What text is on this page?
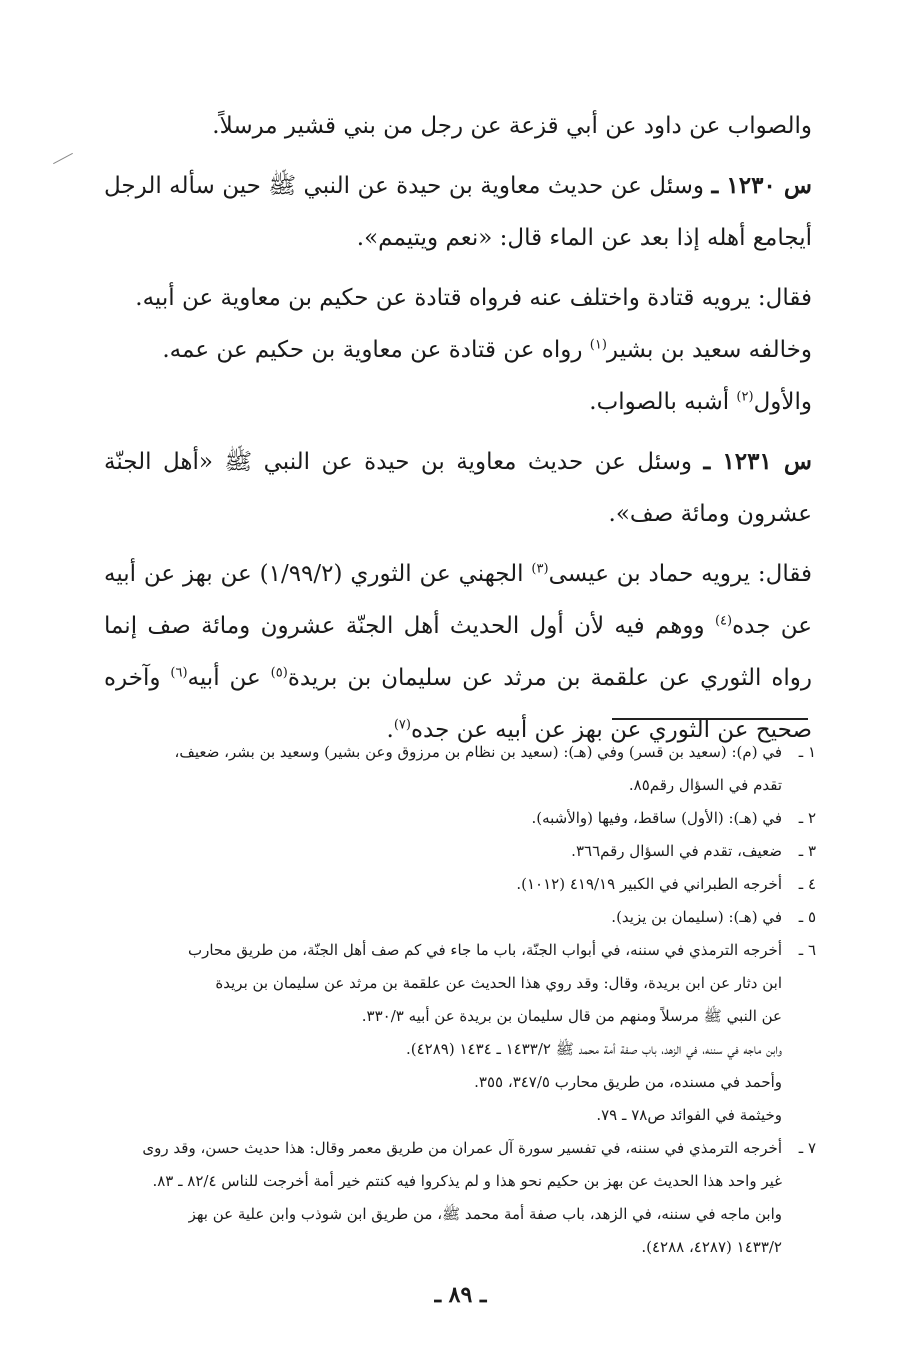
والصواب عن داود عن أبي قزعة عن رجل من بني قشير مرسلاً.

س ١٢٣٠ ـ وسئل عن حديث معاوية بن حيدة عن النبي ﷺ حين سأله الرجل أيجامع أهله إذا بعد عن الماء قال: «نعم ويتيمم».

فقال: يرويه قتادة واختلف عنه فرواه قتادة عن حكيم بن معاوية عن أبيه.
وخالفه سعيد بن بشير$^{(١)}$ رواه عن قتادة عن معاوية بن حكيم عن عمه.
والأول$^{(٢)}$ أشبه بالصواب.

س ١٢٣١ ـ وسئل عن حديث معاوية بن حيدة عن النبي ﷺ «أهل الجنّة عشرون ومائة صف».

فقال: يرويه حماد بن عيسى$^{(٣)}$ الجهني عن الثوري (١/٩٩/٢) عن بهز عن أبيه عن جده$^{(٤)}$ ووهم فيه لأن أول الحديث أهل الجنّة عشرون ومائة صف إنما رواه الثوري عن علقمة بن مرثد عن سليمان بن بريدة$^{(٥)}$ عن أبيه$^{(٦)}$ وآخره صحيح عن الثوري عن بهز عن أبيه عن جده$^{(٧)}$.

١ ـ
في (م): (سعيد بن قسر) وفي (هـ): (سعيد بن نظام بن مرزوق وعن بشير) وسعيد بن بشر، ضعيف،
تقدم في السؤال رقم٨٥.
٢ ـ
في (هـ): (الأول) ساقط، وفيها (والأشبه).
٣ ـ
ضعيف، تقدم في السؤال رقم٣٦٦.
٤ ـ
أخرجه الطبراني في الكبير ٤١٩/١٩ (١٠١٢).
٥ ـ
في (هـ): (سليمان بن يزيد).
٦ ـ
أخرجه الترمذي في سننه، في أبواب الجنّة، باب ما جاء في كم صف أهل الجنّة، من طريق محارب
ابن دثار عن ابن بريدة، وقال: وقد روي هذا الحديث عن علقمة بن مرثد عن سليمان بن بريدة
عن النبي ﷺ مرسلاً ومنهم من قال سليمان بن بريدة عن أبيه ٣٣٠/٣.
وابن ماجه في سننه، في الزهد، باب صفة أمة محمد ﷺ ١٤٣٣/٢ ـ ١٤٣٤ (٤٢٨٩).
وأحمد في مسنده، من طريق محارب ٣٤٧/٥، ٣٥٥.
وخيثمة في الفوائد ص٧٨ ـ ٧٩.
٧ ـ
أخرجه الترمذي في سننه، في تفسير سورة آل عمران من طريق معمر وقال: هذا حديث حسن، وقد روى
غير واحد هذا الحديث عن بهز بن حكيم نحو هذا و لم يذكروا فيه كنتم خير أمة أخرجت للناس ٨٢/٤ ـ ٨٣.
وابن ماجه في سننه، في الزهد، باب صفة أمة محمد ﷺ، من طريق ابن شوذب وابن علية عن بهز
١٤٣٣/٢ (٤٢٨٧، ٤٢٨٨).
ـ ٨٩ ـ
